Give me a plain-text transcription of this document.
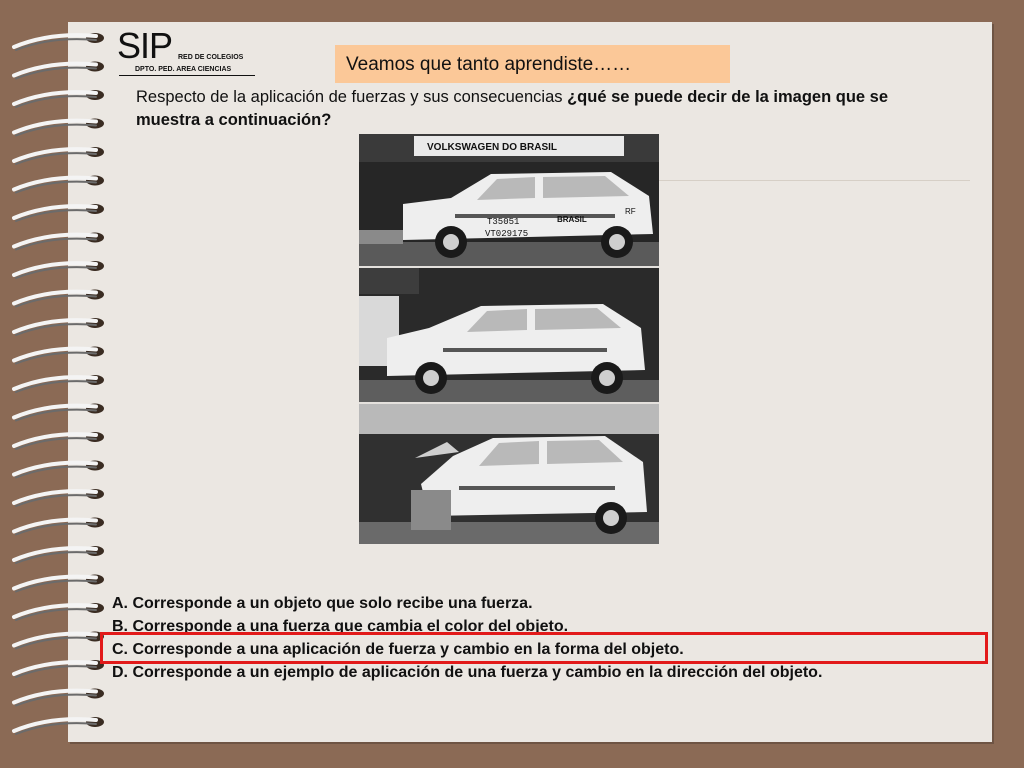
SIP RED DE COLEGIOS
DPTO. PED. AREA CIENCIAS	Veamos que tanto aprendiste……
Respecto de la aplicación de fuerzas y sus consecuencias ¿qué se puede decir de la imagen que se muestra a continuación?
VOLKSWAGEN DO BRASIL
T35051	BRASIL
VT029175
RF
A. Corresponde a un objeto que solo recibe una fuerza.
B. Corresponde a una fuerza que cambia el color del objeto.
C. Corresponde a una aplicación de fuerza y cambio en la forma del objeto.
D. Corresponde a un ejemplo de aplicación de una fuerza y cambio en la dirección del objeto.
